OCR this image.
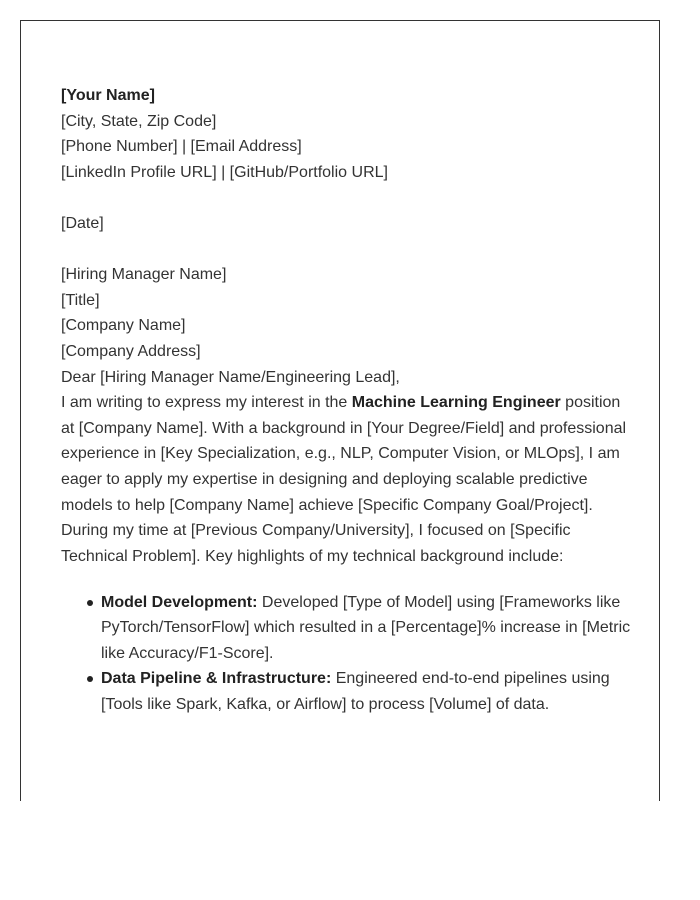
[Your Name]
[City, State, Zip Code]
[Phone Number] | [Email Address]
[LinkedIn Profile URL] | [GitHub/Portfolio URL]
[Date]
[Hiring Manager Name]
[Title]
[Company Name]
[Company Address]

Dear [Hiring Manager Name/Engineering Lead],

I am writing to express my interest in the Machine Learning Engineer position at [Company Name]. With a background in [Your Degree/Field] and professional experience in [Key Specialization, e.g., NLP, Computer Vision, or MLOps], I am eager to apply my expertise in designing and deploying scalable predictive models to help [Company Name] achieve [Specific Company Goal/Project].

During my time at [Previous Company/University], I focused on [Specific Technical Problem]. Key highlights of my technical background include:

Model Development: Developed [Type of Model] using [Frameworks like PyTorch/TensorFlow] which resulted in a [Percentage]% increase in [Metric like Accuracy/F1-Score].
Data Pipeline & Infrastructure: Engineered end-to-end pipelines using [Tools like Spark, Kafka, or Airflow] to process [Volume] of data.
